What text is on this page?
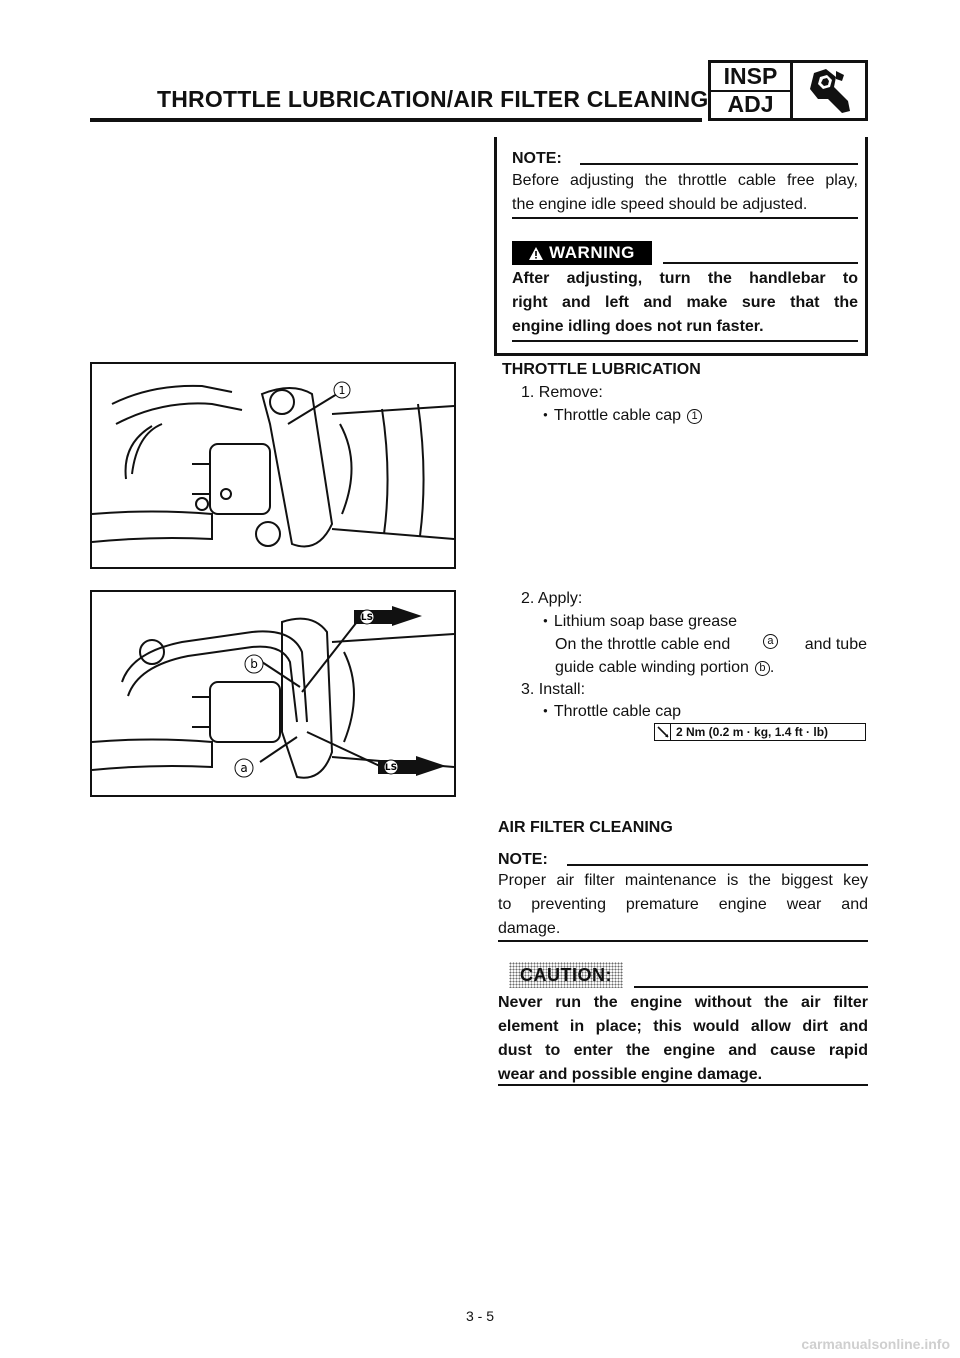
THROTTLE LUBRICATION/AIR FILTER CLEANING
INSP
ADJ
NOTE:
Before adjusting the throttle cable free play,
the engine idle speed should be adjusted.
WARNING
After adjusting, turn the handlebar to
right and left and make sure that the
engine idling does not run faster.
1
THROTTLE LUBRICATION
1. Remove:
● Throttle cable cap 1
LS
LS
b
a
2. Apply:
● Lithium soap base grease
On the throttle cable end	a and tube
guide cable winding portion b .
3. Install:
● Throttle cable cap
2 Nm (0.2 m · kg, 1.4 ft · lb)
AIR FILTER CLEANING
NOTE:
Proper air filter maintenance is the biggest key
to preventing premature engine wear and
damage.
CAUTION:
Never run the engine without the air filter
element in place; this would allow dirt and
dust to enter the engine and cause rapid
wear and possible engine damage.
3 - 5
carmanualsonline.info
